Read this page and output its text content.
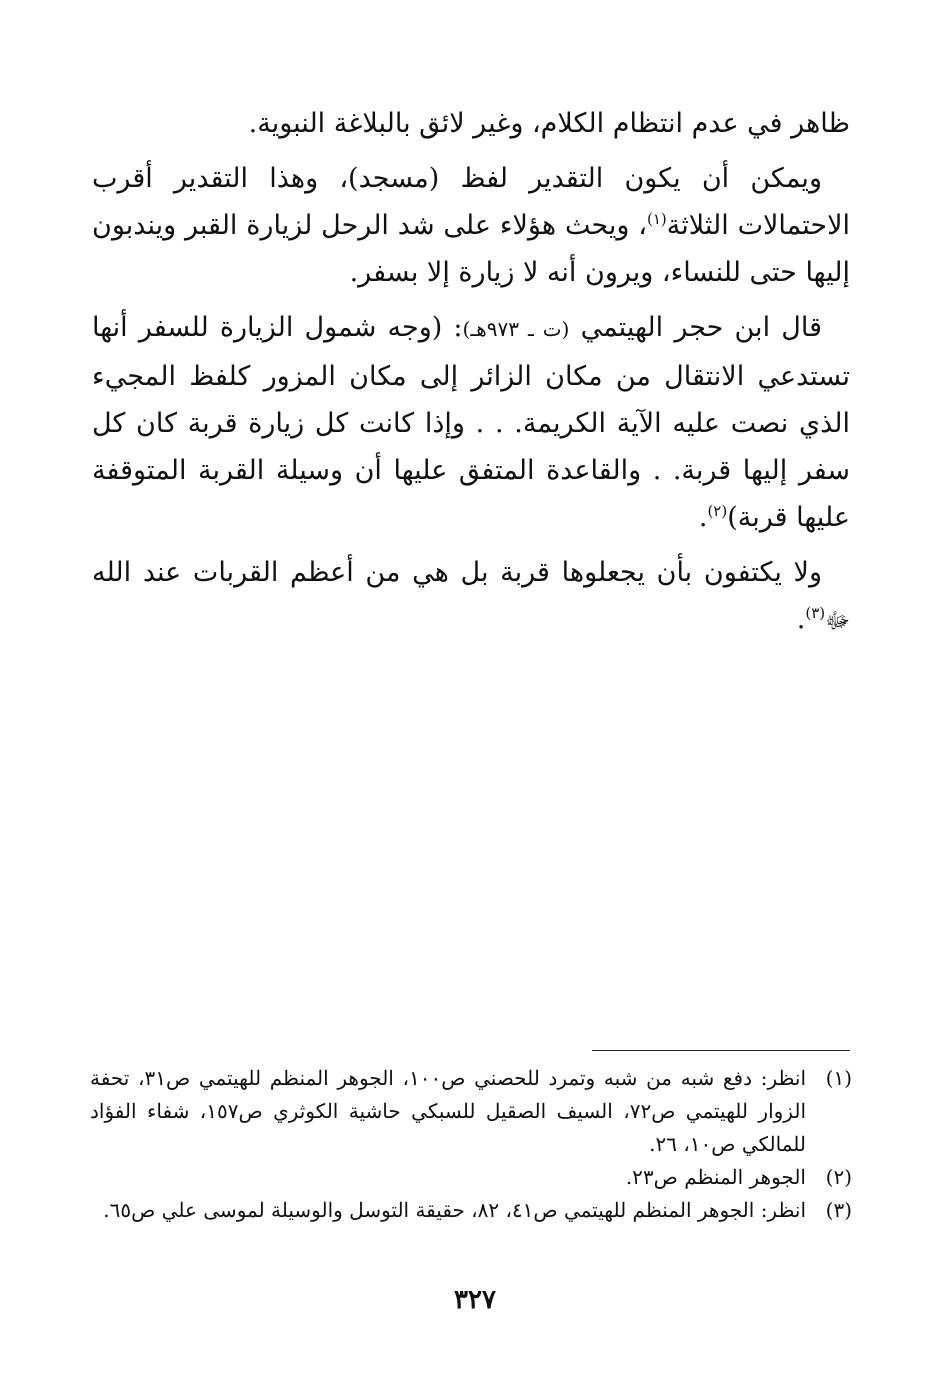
ظاهر في عدم انتظام الكلام، وغير لائق بالبلاغة النبوية.

ويمكن أن يكون التقدير لفظ (مسجد)، وهذا التقدير أقرب الاحتمالات الثلاثة$^{(١)}$، ويحث هؤلاء على شد الرحل لزيارة القبر ويندبون إليها حتى للنساء، ويرون أنه لا زيارة إلا بسفر.

قال ابن حجر الهيتمي (ت ـ ٩٧٣هـ): (وجه شمول الزيارة للسفر أنها تستدعي الانتقال من مكان الزائر إلى مكان المزور كلفظ المجيء الذي نصت عليه الآية الكريمة. . . وإذا كانت كل زيارة قربة كان كل سفر إليها قربة. . والقاعدة المتفق عليها أن وسيلة القربة المتوقفة عليها قربة)$^{(٢)}$.

ولا يكتفون بأن يجعلوها قربة بل هي من أعظم القربات عند الله ﷻ$^{(٣)}$.

(١)
انظر: دفع شبه من شبه وتمرد للحصني ص١٠٠، الجوهر المنظم للهيتمي ص٣١، تحفة الزوار للهيتمي ص٧٢، السيف الصقيل للسبكي حاشية الكوثري ص١٥٧، شفاء الفؤاد للمالكي ص١٠، ٢٦.
(٢)
الجوهر المنظم ص٢٣.
(٣)
انظر: الجوهر المنظم للهيتمي ص٤١، ٨٢، حقيقة التوسل والوسيلة لموسى علي ص٦٥.
٣٢٧
